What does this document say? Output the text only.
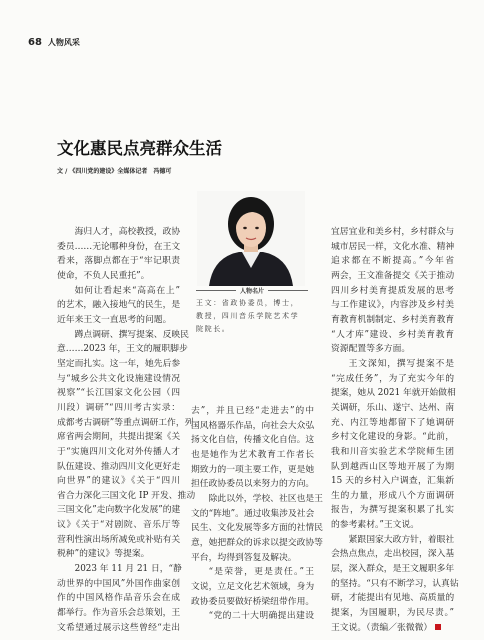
68 人物风采
文化惠民点亮群众生活
文 / 《四川党的建设》全媒体记者　冯德可
人物名片
王文：省政协委员，博士，
教授，四川音乐学院艺术学
院院长。
海归人才，高校教授，政协
委员……无论哪种身份，在王文
看来，落脚点都在于“牢记职责
使命，不负人民重托”。
如何让看起来“高高在上”
的艺术，融入接地气的民生，是
近年来王文一直思考的问题。
蹲点调研、撰写提案、反映民
意……2023 年，王文的履职脚步
坚定而扎实。这一年，她先后参
与“城乡公共文化设施建设情况
视察”“长江国家文化公园（四
川段）调研”“四川考古实录：
成都考古调研”等重点调研工作，列
席省两会期间，共提出提案《关
于“实施四川文化对外传播人才
队伍建设、推动四川文化更好走
向世界”的建议》《关于“四川
省合力深化三国文化 IP 开发、推动
三国文化”走向数字化发展”的建
议》《关于“对剧院、音乐厅等
营利性演出场所减免或补贴有关
税种”的建议》等提案。
2023 年 11 月 21 日，“静
动世界的中国风”外国作曲家创
作的中国风格作品音乐会在成
都举行。作为音乐会总策划，王
文希望通过展示这些曾经“走出
去”，并且已经“走进去”的中
国风格器乐作品，向社会大众弘
扬文化自信，传播文化自信。这
也是她作为艺术教育工作者长
期致力的一项主要工作，更是她
担任政协委员以来努力的方向。
除此以外，学校、社区也是王
文的“阵地”。通过收集涉及社会
民生、文化发展等多方面的社情民
意，她把群众的诉求以提交政协等
平台，均得到答复及解决。
“是荣誉，更是责任。”王
文说，立足文化艺术领域，身为
政协委员要做好桥梁纽带作用。
“党的二十大明确提出建设
宜居宜业和美乡村，乡村群众与
城市居民一样，文化水准、精神
追求都在不断提高。”今年省
两会，王文准备提交《关于推动
四川乡村美育提质发展的思考
与工作建议》，内容涉及乡村美
育教育机制制定、乡村美育教育
“人才库”建设、乡村美育教育
资源配置等多方面。
王文深知，撰写提案不是
“完成任务”，为了充实今年的
提案，她从 2021 年就开始做相
关调研，乐山、遂宁、达州、南
充、内江等地都留下了她调研
乡村文化建设的身影。“此前，
我和川音实验艺术学院师生团
队到越西山区等地开展了为期
15 天的乡村入户调查，汇集新
生的力量，形成八个方面调研
报告，为撰写提案积累了扎实
的参考素材。”王文说。
紧跟国家大政方针，着眼社
会热点焦点，走出校园，深入基
层，深入群众，是王文履职多年
的坚持。“只有不断学习，认真钻
研，才能提出有见地、高质量的
提案，为国履职，为民尽责。”
王文说。（责编／张微微）
